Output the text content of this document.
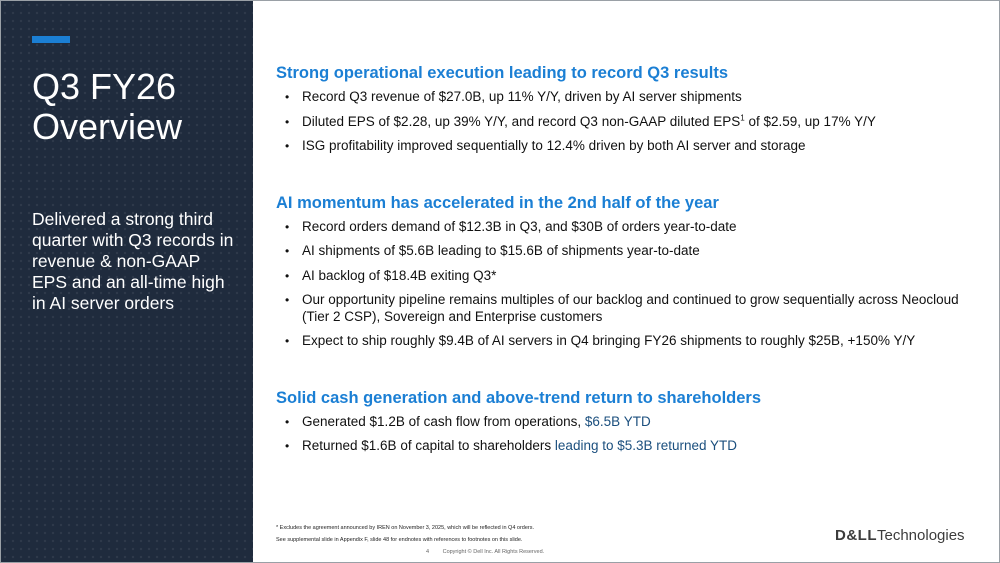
Q3 FY26
Overview

Delivered a strong third quarter with Q3 records in revenue & non-GAAP EPS and an all-time high in AI server orders

Strong operational execution leading to record Q3 results
• Record Q3 revenue of $27.0B, up 11% Y/Y, driven by AI server shipments
• Diluted EPS of $2.28, up 39% Y/Y, and record Q3 non-GAAP diluted EPS$^1$ of $2.59, up 17% Y/Y
• ISG profitability improved sequentially to 12.4% driven by both AI server and storage
AI momentum has accelerated in the 2nd half of the year
• Record orders demand of $12.3B in Q3, and $30B of orders year-to-date
• AI shipments of $5.6B leading to $15.6B of shipments year-to-date
• AI backlog of $18.4B exiting Q3*
• Our opportunity pipeline remains multiples of our backlog and continued to grow sequentially across Neocloud (Tier 2 CSP), Sovereign and Enterprise customers
• Expect to ship roughly $9.4B of AI servers in Q4 bringing FY26 shipments to roughly $25B, +150% Y/Y
Solid cash generation and above-trend return to shareholders
• Generated $1.2B of cash flow from operations, $6.5B YTD
• Returned $1.6B of capital to shareholders leading to $5.3B returned YTD

* Excludes the agreement announced by IREN on November 3, 2025, which will be reflected in Q4 orders.

See supplemental slide in Appendix F, slide 48 for endnotes with references to footnotes on this slide.

4 Copyright © Dell Inc. All Rights Reserved.
D&LLTechnologies
